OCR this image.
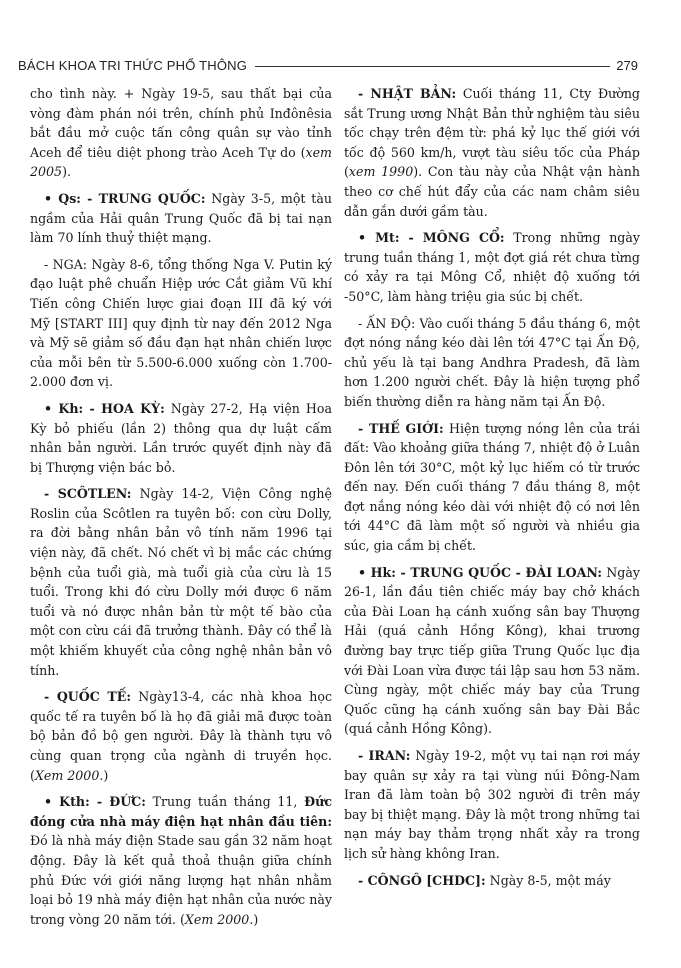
BÁCH KHOA TRI THỨC PHỔ THÔNG	279

cho tình này. + Ngày 19-5, sau thất bại của vòng đàm phán nói trên, chính phủ Inđônêsia bắt đầu mở cuộc tấn công quân sự vào tỉnh Aceh để tiêu diệt phong trào Aceh Tự do (xem 2005).

• Qs: - TRUNG QUỐC: Ngày 3-5, một tàu ngầm của Hải quân Trung Quốc đã bị tai nạn làm 70 lính thuỷ thiệt mạng.

- NGA: Ngày 8-6, tổng thống Nga V. Putin ký đạo luật phê chuẩn Hiệp ước Cắt giảm Vũ khí Tiến công Chiến lược giai đoạn III đã ký với Mỹ [START III] quy định từ nay đến 2012 Nga và Mỹ sẽ giảm số đầu đạn hạt nhân chiến lược của mỗi bên từ 5.500-6.000 xuống còn 1.700-2.000 đơn vị.

• Kh: - HOA KỲ: Ngày 27-2, Hạ viện Hoa Kỳ bỏ phiếu (lần 2) thông qua dự luật cấm nhân bản người. Lần trước quyết định này đã bị Thượng viện bác bỏ.

- SCÔTLEN: Ngày 14-2, Viện Công nghệ Roslin của Scôtlen ra tuyên bố: con cừu Dolly, ra đời bằng nhân bản vô tính năm 1996 tại viện này, đã chết. Nó chết vì bị mắc các chứng bệnh của tuổi già, mà tuổi già của cừu là 15 tuổi. Trong khi đó cừu Dolly mới được 6 năm tuổi và nó được nhân bản từ một tế bào của một con cừu cái đã trưởng thành. Đây có thể là một khiếm khuyết của công nghệ nhân bản vô tính.

- QUỐC TẾ: Ngày13-4, các nhà khoa học quốc tế ra tuyên bố là họ đã giải mã được toàn bộ bản đồ bộ gen người. Đây là thành tựu vô cùng quan trọng của ngành di truyền học. (Xem 2000.)

• Kth: - ĐỨC: Trung tuần tháng 11, Đức đóng cửa nhà máy điện hạt nhân đầu tiên: Đó là nhà máy điện Stade sau gần 32 năm hoạt động. Đây là kết quả thoả thuận giữa chính phủ Đức với giới năng lượng hạt nhân nhằm loại bỏ 19 nhà máy điện hạt nhân của nước này trong vòng 20 năm tới. (Xem 2000.)

- NHẬT BẢN: Cuối tháng 11, Cty Đường sắt Trung ương Nhật Bản thử nghiệm tàu siêu tốc chạy trên đệm từ: phá kỷ lục thế giới với tốc độ 560 km/h, vượt tàu siêu tốc của Pháp (xem 1990). Con tàu này của Nhật vận hành theo cơ chế hút đẩy của các nam châm siêu dẫn gắn dưới gầm tàu.

• Mt: - MÔNG CỔ: Trong những ngày trung tuần tháng 1, một đợt giá rét chưa từng có xảy ra tại Mông Cổ, nhiệt độ xuống tới -50°C, làm hàng triệu gia súc bị chết.

- ẤN ĐỘ: Vào cuối tháng 5 đầu tháng 6, một đợt nóng nắng kéo dài lên tới 47°C tại Ấn Độ, chủ yếu là tại bang Andhra Pradesh, đã làm hơn 1.200 người chết. Đây là hiện tượng phổ biến thường diễn ra hàng năm tại Ấn Độ.

- THẾ GIỚI: Hiện tượng nóng lên của trái đất: Vào khoảng giữa tháng 7, nhiệt độ ở Luân Đôn lên tới 30°C, một kỷ lục hiếm có từ trước đến nay. Đến cuối tháng 7 đầu tháng 8, một đợt nắng nóng kéo dài với nhiệt độ có nơi lên tới 44°C đã làm một số người và nhiều gia súc, gia cầm bị chết.

• Hk: - TRUNG QUỐC - ĐÀI LOAN: Ngày 26-1, lần đầu tiên chiếc máy bay chở khách của Đài Loan hạ cánh xuống sân bay Thượng Hải (quá cảnh Hồng Kông), khai trương đường bay trực tiếp giữa Trung Quốc lục địa với Đài Loan vừa được tái lập sau hơn 53 năm. Cùng ngày, một chiếc máy bay của Trung Quốc cũng hạ cánh xuống sân bay Đài Bắc (quá cảnh Hồng Kông).

- IRAN: Ngày 19-2, một vụ tai nạn rơi máy bay quân sự xảy ra tại vùng núi Đông-Nam Iran đã làm toàn bộ 302 người đi trên máy bay bị thiệt mạng. Đây là một trong những tai nạn máy bay thảm trọng nhất xảy ra trong lịch sử hàng không Iran.

- CÔNGÔ [CHDC]: Ngày 8-5, một máy
